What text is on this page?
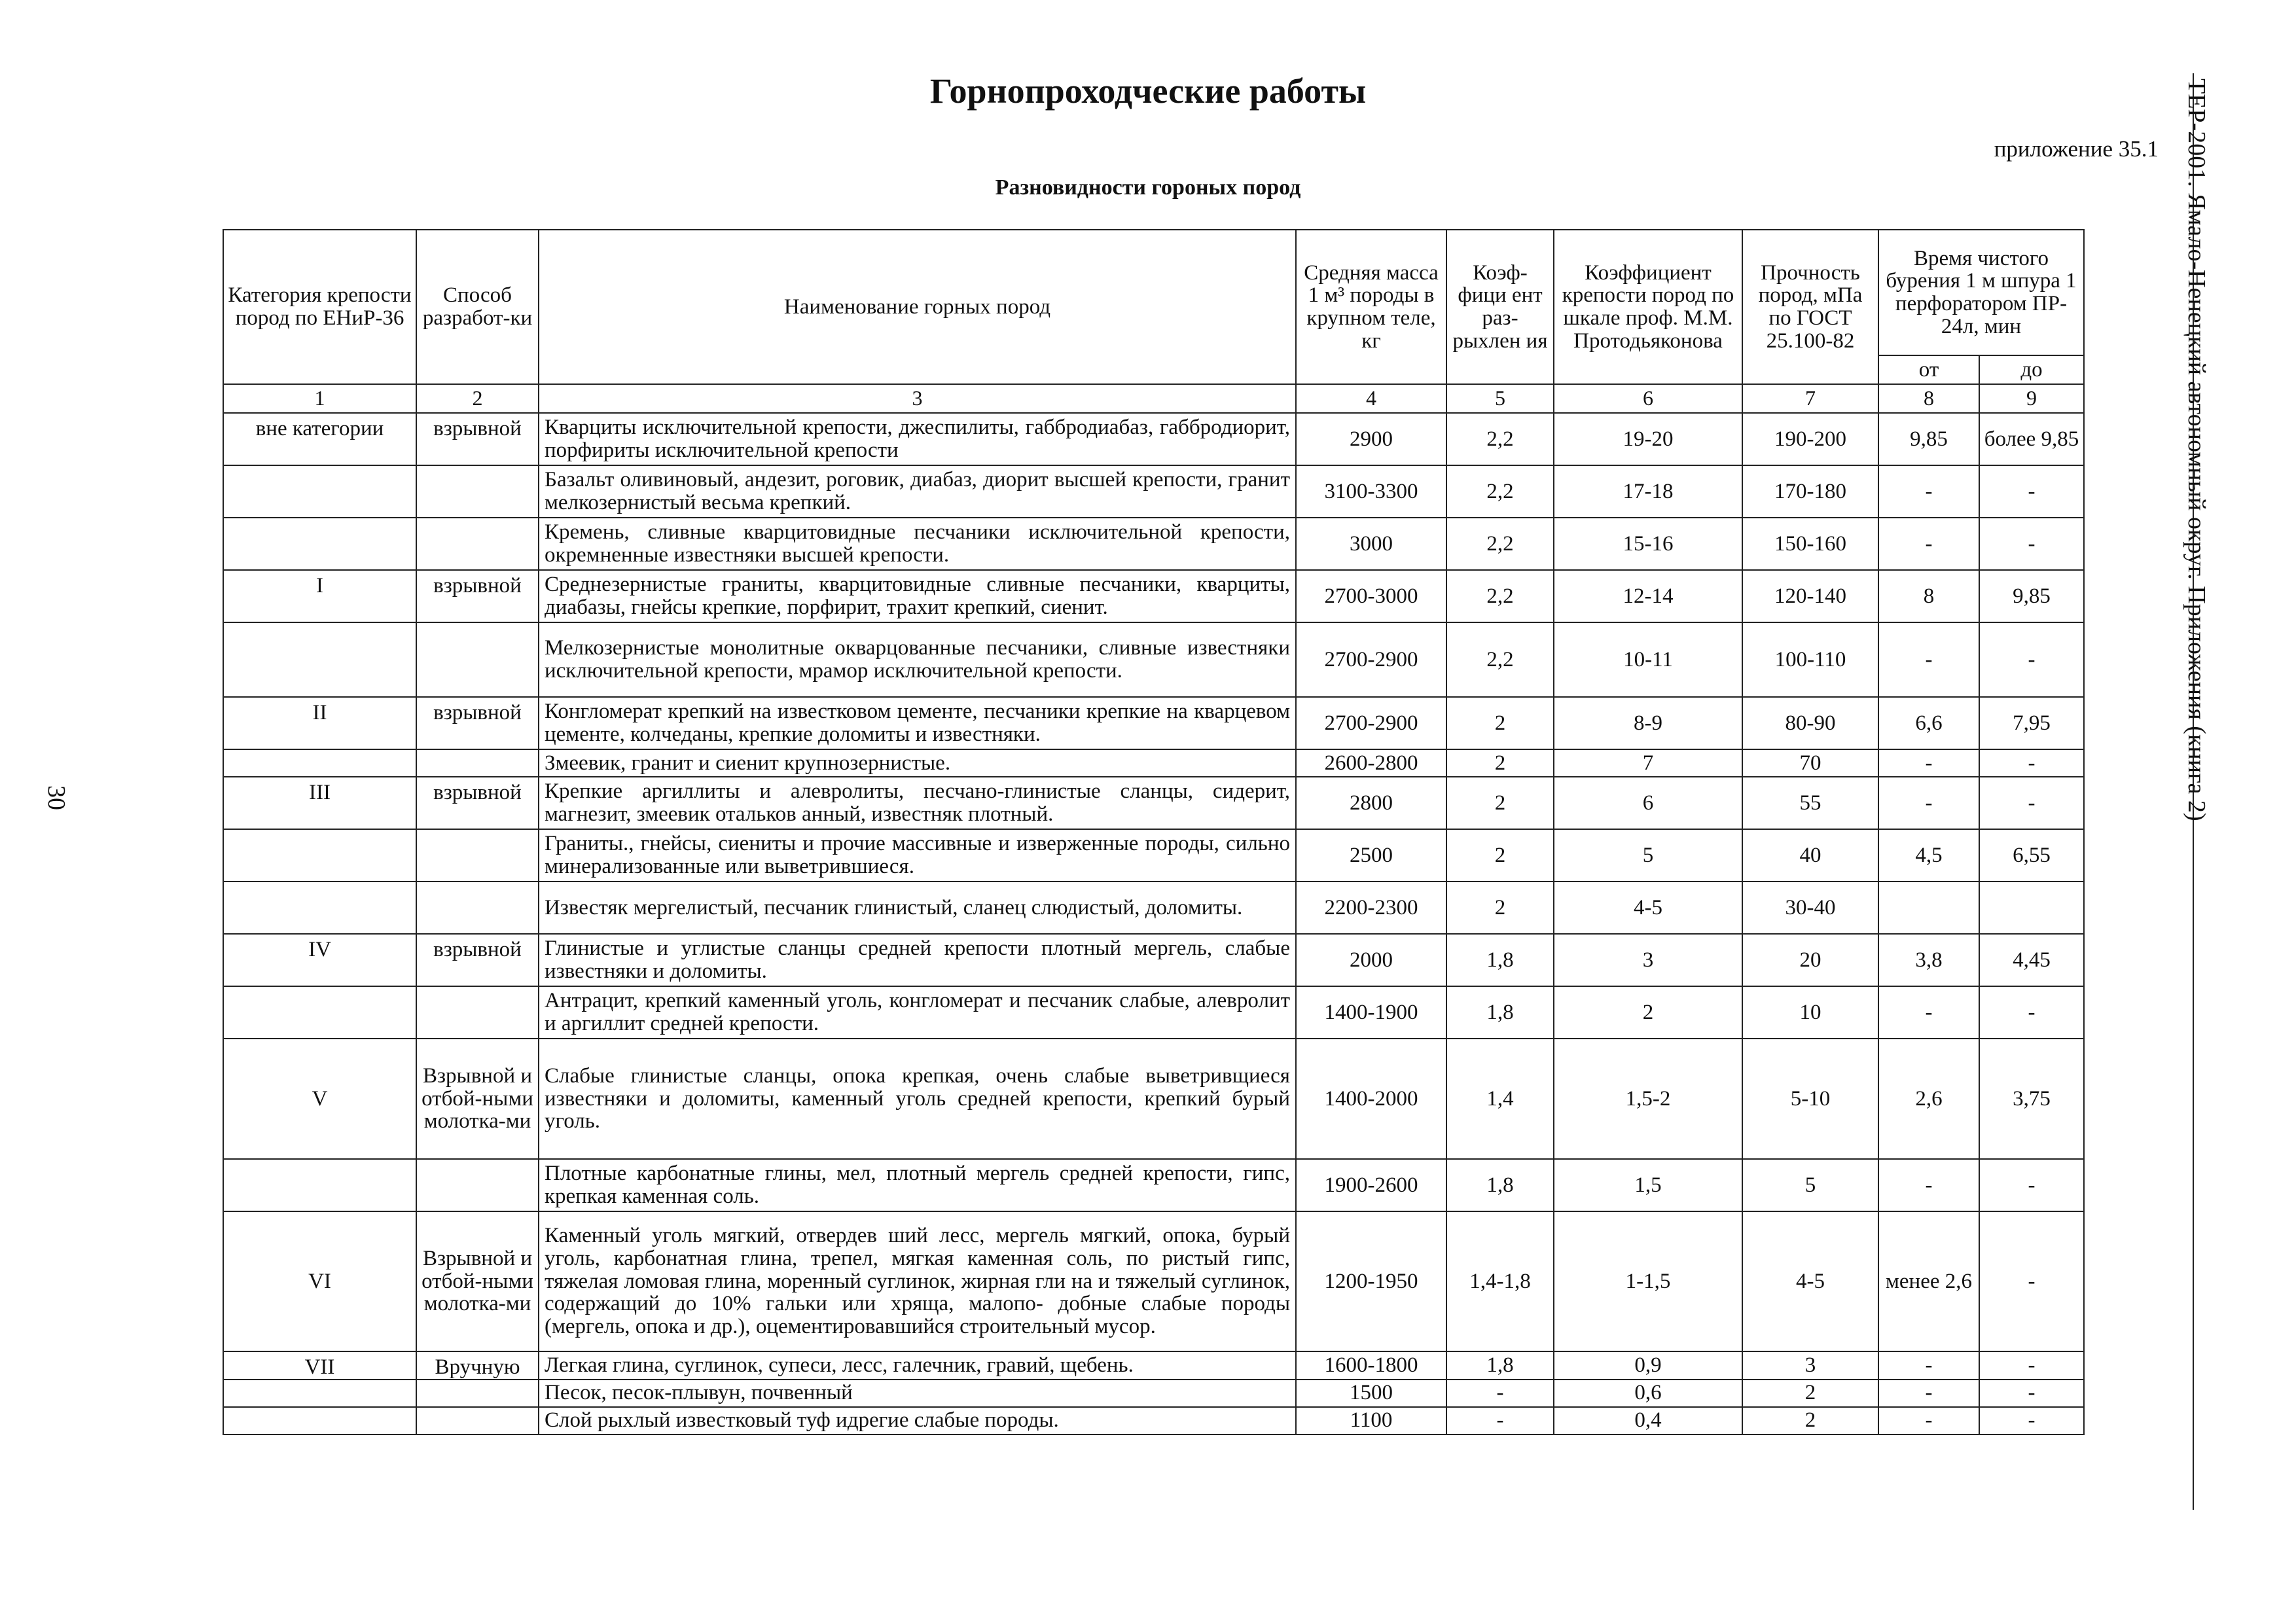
Горнопроходческие работы
приложение 35.1
Разновидности гороных пород
30	ТЕР-2001. Ямало-Ненецкий автономный округ. Приложения (книга 2)
Категория крепости пород по ЕНиР-36	Способ разработ-ки	Наименование горных пород	Средняя масса 1 м³ породы в крупном теле, кг	Коэф-фици ент раз-рыхлен ия	Коэффициент крепости пород по шкале проф. М.М. Протодьяконова	Прочность пород, мПа по ГОСТ 25.100-82	Время чистого бурения 1 м шпура 1 перфоратором ПР- 24л, мин	
							от	до
1	2	3	4	5	6	7	8	9
вне категории	взрывной	Кварциты исключительной крепости, джеспилиты, габбродиабаз, габбродиорит, порфириты исключительной крепости	2900	2,2	19-20	190-200	9,85	более 9,85
		Базальт оливиновый, андезит, роговик, диабаз, диорит высшей крепости, гранит мелкозернистый весьма крепкий.	3100-3300	2,2	17-18	170-180	-	-
		Кремень, сливные кварцитовидные песчаники исключительной крепости, окремненные известняки высшей крепости.	3000	2,2	15-16	150-160	-	-
I	взрывной	Среднезернистые граниты, кварцитовидные сливные песчаники, кварциты, диабазы, гнейсы крепкие, порфирит, трахит крепкий, сиенит.	2700-3000	2,2	12-14	120-140	8	9,85
		Мелкозернистые монолитные окварцованные песчаники, сливные известняки исключительной крепости, мрамор исключительной крепости.	2700-2900	2,2	10-11	100-110	-	-
II	взрывной	Конгломерат крепкий на известковом цементе, песчаники крепкие на кварцевом цементе, колчеданы, крепкие доломиты и известняки.	2700-2900	2	8-9	80-90	6,6	7,95
		Змеевик, гранит и сиенит крупнозернистые.	2600-2800	2	7	70	-	-
III	взрывной	Крепкие аргиллиты и алевролиты, песчано-глинистые сланцы, сидерит, магнезит, змеевик отальков анный, известняк плотный.	2800	2	6	55	-	-
		Граниты., гнейсы, сиениты и прочие массивные и изверженные породы, сильно минерализованные или выветрившиеся.	2500	2	5	40	4,5	6,55
		Известяк мергелистый, песчаник глинистый, сланец слюдистый, доломиты.	2200-2300	2	4-5	30-40		
IV	взрывной	Глинистые и углистые сланцы средней крепости плотный мергель, слабые известняки и доломиты.	2000	1,8	3	20	3,8	4,45
		Антрацит, крепкий каменный уголь, конгломерат и песчаник слабые, алевролит и аргиллит средней крепости.	1400-1900	1,8	2	10	-	-
V	Взрывной и отбой-ными молотка-ми	Слабые глинистые сланцы, опока крепкая, очень слабые выветривщиеся известняки и доломиты, каменный уголь средней крепости, крепкий бурый уголь.	1400-2000	1,4	1,5-2	5-10	2,6	3,75
		Плотные карбонатные глины, мел, плотный мергель средней крепости, гипс, крепкая каменная соль.	1900-2600	1,8	1,5	5	-	-
VI	Взрывной и отбой-ными молотка-ми	Каменный уголь мягкий, отвердев ший лесс, мергель мягкий, опока, бурый уголь, карбонатная глина, трепел, мягкая каменная соль, по ристый гипс, тяжелая ломовая глина, моренный суглинок, жирная гли на и тяжелый суглинок, содержащий до 10% гальки или хряща, малопо- добные слабые породы (мергель, опока и др.), оцементировавшийся строительный мусор.	1200-1950	1,4-1,8	1-1,5	4-5	менее 2,6	-
VII	Вручную	Легкая глина, суглинок, супеси, лесс, галечник, гравий, щебень.	1600-1800	1,8	0,9	3	-	-
		Песок, песок-плывун, почвенный	1500	-	0,6	2	-	-
		Слой рыхлый известковый туф идрегие слабые породы.	1100	-	0,4	2	-	-
